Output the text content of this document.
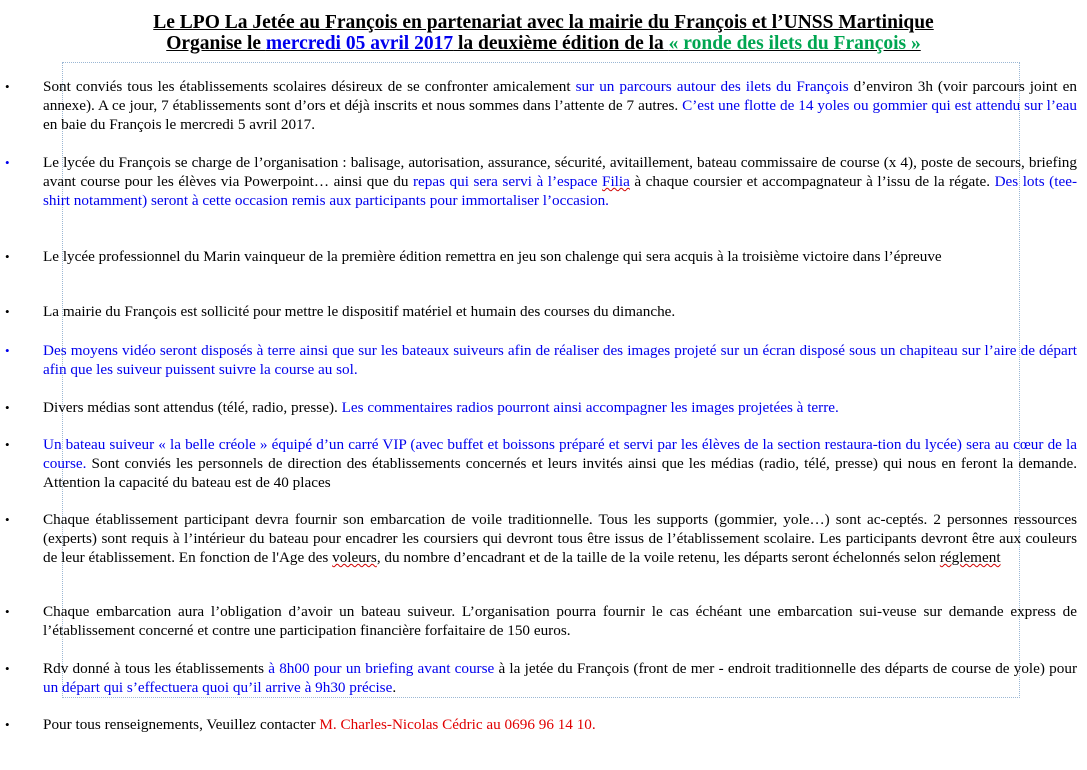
Le LPO La Jetée au François en partenariat avec la mairie du François et l’UNSS Martinique
Organise le mercredi 05 avril 2017 la deuxième édition de la « ronde des ilets du François »
• Sont conviés tous les établissements scolaires désireux de se confronter amicalement sur un parcours autour des ilets du François d’environ 3h (voir parcours joint en annexe). A ce jour, 7 établissements sont d’ors et déjà inscrits et nous sommes dans l’attente de 7 autres. C’est une flotte de 14 yoles ou gommier qui est attendu sur l’eau en baie du François le mercredi 5 avril 2017.
• Le lycée du François se charge de l’organisation : balisage, autorisation, assurance, sécurité, avitaillement, bateau commissaire de course (x 4), poste de secours, briefing avant course pour les élèves via Powerpoint… ainsi que du repas qui sera servi à l’espace Filia à chaque coursier et accompagnateur à l’issu de la régate. Des lots (tee-shirt notamment) seront à cette occasion remis aux participants pour immortaliser l’occasion.
• Le lycée professionnel du Marin vainqueur de la première édition remettra en jeu son chalenge qui sera acquis à la troisième victoire dans l’épreuve
• La mairie du François est sollicité pour mettre le dispositif matériel et humain des courses du dimanche.
• Des moyens vidéo seront disposés à terre ainsi que sur les bateaux suiveurs afin de réaliser des images projeté sur un écran disposé sous un chapiteau sur l’aire de départ afin que les suiveur puissent suivre la course au sol.
• Divers médias sont attendus (télé, radio, presse). Les commentaires radios pourront ainsi accompagner les images projetées à terre.
• Un bateau suiveur « la belle créole » équipé d’un carré VIP (avec buffet et boissons préparé et servi par les élèves de la section restaura-tion du lycée) sera au cœur de la course. Sont conviés les personnels de direction des établissements concernés et leurs invités ainsi que les médias (radio, télé, presse) qui nous en feront la demande. Attention la capacité du bateau est de 40 places
• Chaque établissement participant devra fournir son embarcation de voile traditionnelle. Tous les supports (gommier, yole…) sont ac-ceptés. 2 personnes ressources (experts) sont requis à l’intérieur du bateau pour encadrer les coursiers qui devront tous être issus de l’établissement scolaire. Les participants devront être aux couleurs de leur établissement. En fonction de l'Age des voleurs, du nombre d’encadrant et de la taille de la voile retenu, les départs seront échelonnés selon réglement
• Chaque embarcation aura l’obligation d’avoir un bateau suiveur. L’organisation pourra fournir le cas échéant une embarcation sui-veuse sur demande express de l’établissement concerné et contre une participation financière forfaitaire de 150 euros.
• Rdv donné à tous les établissements à 8h00 pour un briefing avant course à la jetée du François (front de mer - endroit traditionnelle des départs de course de yole) pour un départ qui s’effectuera quoi qu’il arrive à 9h30 précise.
• Pour tous renseignements, Veuillez contacter M. Charles-Nicolas Cédric au 0696 96 14 10.
